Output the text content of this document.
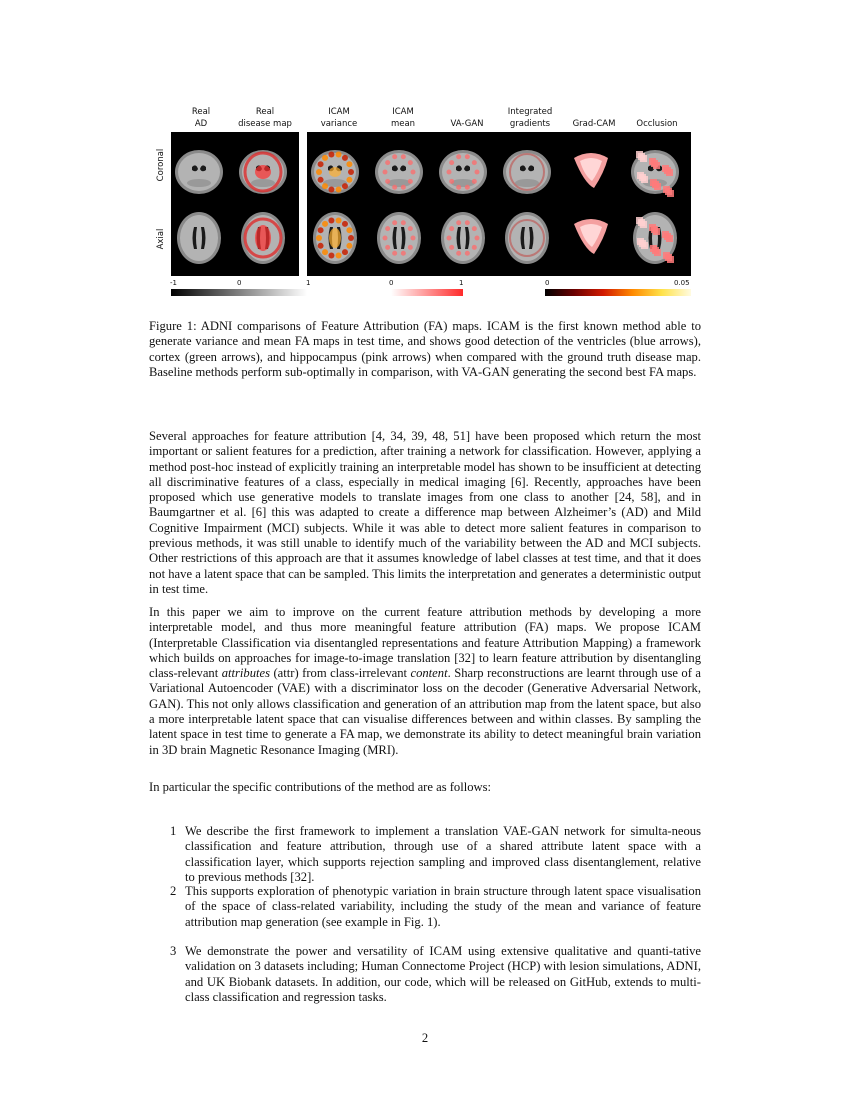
Real
AD
Real
disease map
ICAM
variance
ICAM
mean
	VA-GAN
Integrated
gradients
	Grad-CAM
	Occlusion
Coronal
Axial
-1	0	1	0	1	0	0.05
Figure 1: ADNI comparisons of Feature Attribution (FA) maps. ICAM is the first known method able to generate variance and mean FA maps in test time, and shows good detection of the ventricles (blue arrows), cortex (green arrows), and hippocampus (pink arrows) when compared with the ground truth disease map. Baseline methods perform sub-optimally in comparison, with VA-GAN generating the second best FA maps.

Several approaches for feature attribution [4, 34, 39, 48, 51] have been proposed which return the most important or salient features for a prediction, after training a network for classification. However, applying a method post-hoc instead of explicitly training an interpretable model has shown to be insufficient at detecting all discriminative features of a class, especially in medical imaging [6]. Recently, approaches have been proposed which use generative models to translate images from one class to another [24, 58], and in Baumgartner et al. [6] this was adapted to create a difference map between Alzheimer’s (AD) and Mild Cognitive Impairment (MCI) subjects. While it was able to detect more salient features in comparison to previous methods, it was still unable to identify much of the variability between the AD and MCI subjects. Other restrictions of this approach are that it assumes knowledge of label classes at test time, and that it does not have a latent space that can be sampled. This limits the interpretation and generates a deterministic output in test time.

In this paper we aim to improve on the current feature attribution methods by developing a more interpretable model, and thus more meaningful feature attribution (FA) maps. We propose ICAM (Interpretable Classification via disentangled representations and feature Attribution Mapping) a framework which builds on approaches for image-to-image translation [32] to learn feature attribution by disentangling class-relevant attributes (attr) from class-irrelevant content. Sharp reconstructions are learnt through use of a Variational Autoencoder (VAE) with a discriminator loss on the decoder (Generative Adversarial Network, GAN). This not only allows classification and generation of an attribution map from the latent space, but also a more interpretable latent space that can visualise differences between and within classes. By sampling the latent space in test time to generate a FA map, we demonstrate its ability to detect meaningful brain variation in 3D brain Magnetic Resonance Imaging (MRI).

In particular the specific contributions of the method are as follows:

1 We describe the first framework to implement a translation VAE-GAN network for simulta-neous classification and feature attribution, through use of a shared attribute latent space with a classification layer, which supports rejection sampling and improved class disentanglement, relative to previous methods [32].
2 This supports exploration of phenotypic variation in brain structure through latent space visualisation of the space of class-related variability, including the study of the mean and variance of feature attribution map generation (see example in Fig. 1).
3 We demonstrate the power and versatility of ICAM using extensive qualitative and quanti-tative validation on 3 datasets including; Human Connectome Project (HCP) with lesion simulations, ADNI, and UK Biobank datasets. In addition, our code, which will be released on GitHub, extends to multi-class classification and regression tasks.
2
